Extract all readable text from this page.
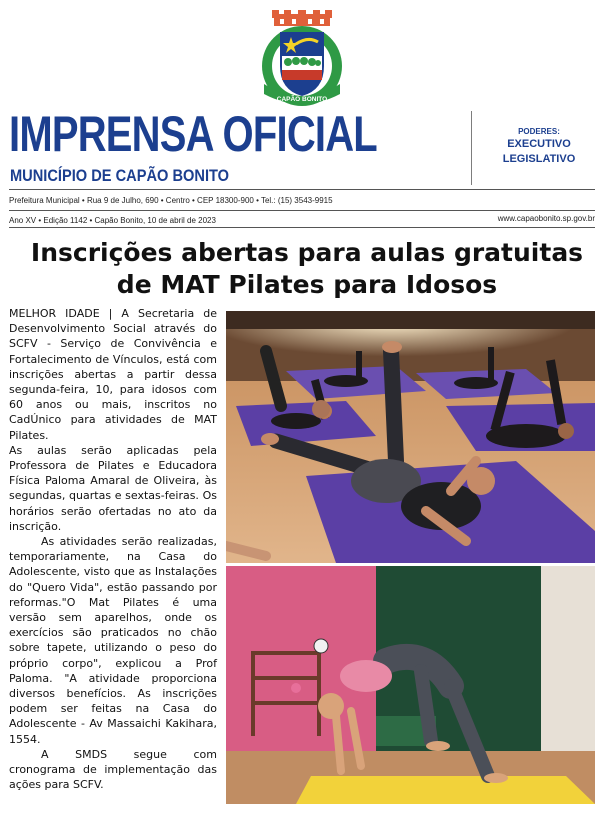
CAPÃO BONITO
IMPRENSA OFICIAL
MUNICÍPIO DE CAPÃO BONITO
PODERES:
EXECUTIVO
LEGISLATIVO
Prefeitura Municipal • Rua 9 de Julho, 690 • Centro • CEP 18300-900 • Tel.: (15) 3543-9915
Ano XV • Edição 1142 • Capão Bonito, 10 de abril de 2023	www.capaobonito.sp.gov.br
Inscrições abertas para aulas gratuitas
de MAT Pilates para Idosos

MELHOR IDADE | A Secretaria de Desenvolvimento Social através do SCFV - Serviço de Convivência e Fortalecimento de Vínculos, está com inscrições abertas a partir dessa segunda-feira, 10, para idosos com 60 anos ou mais, inscritos no CadÚnico para atividades de MAT Pilates.

As aulas serão aplicadas pela Professora de Pilates e Educadora Física Paloma Amaral de Oliveira, às segundas, quartas e sextas-feiras. Os horários serão ofertadas no ato da inscrição.

As atividades serão realizadas, temporariamente, na Casa do Adolescente, visto que as Instalações do "Quero Vida", estão passando por reformas."O Mat Pilates é uma versão sem aparelhos, onde os exercícios são praticados no chão sobre tapete, utilizando o peso do próprio corpo", explicou a Prof Paloma. "A atividade proporciona diversos benefícios. As inscrições podem ser feitas na Casa do Adolescente - Av Massaichi Kakihara, 1554.

A SMDS segue com cronograma de implementação das ações para SCFV.
